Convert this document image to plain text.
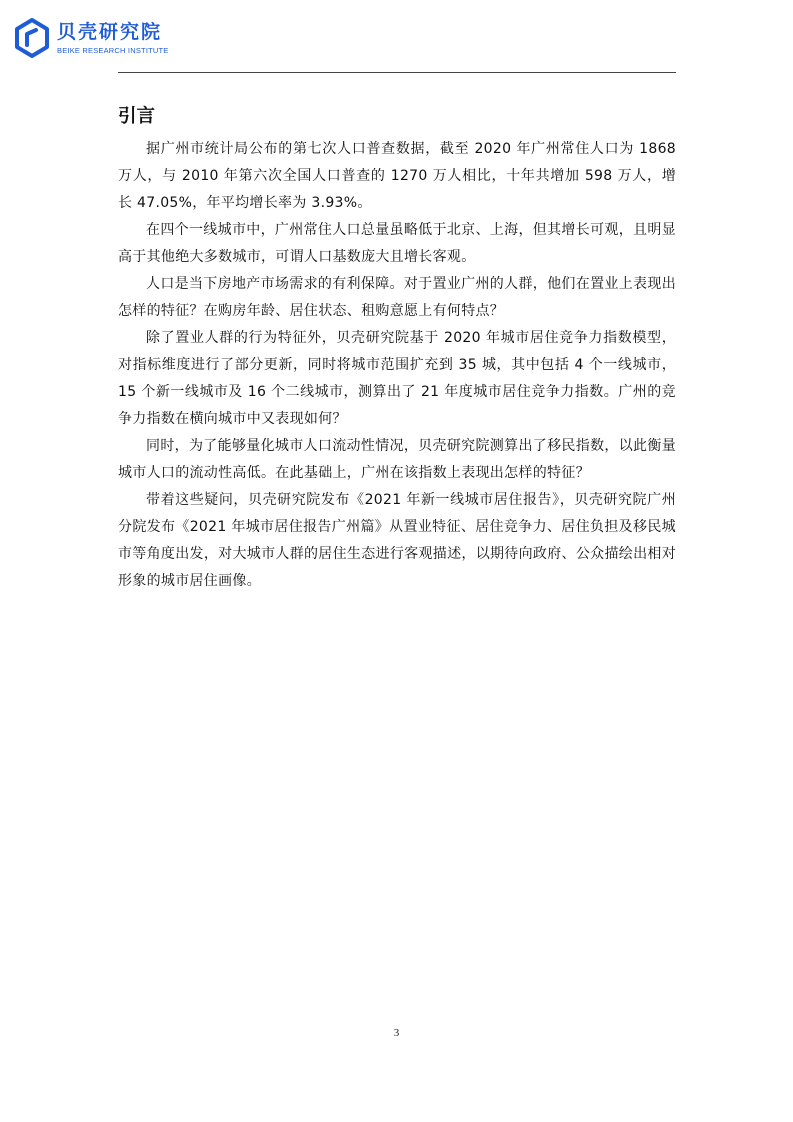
贝壳研究院
BEIKE RESEARCH INSTITUTE
引言

据广州市统计局公布的第七次人口普查数据，截至 2020 年广州常住人口为 1868 万人，与 2010 年第六次全国人口普查的 1270 万人相比，十年共增加 598 万人，增长 47.05%，年平均增长率为 3.93%。

在四个一线城市中，广州常住人口总量虽略低于北京、上海，但其增长可观，且明显高于其他绝大多数城市，可谓人口基数庞大且增长客观。

人口是当下房地产市场需求的有利保障。对于置业广州的人群，他们在置业上表现出怎样的特征？在购房年龄、居住状态、租购意愿上有何特点？

除了置业人群的行为特征外，贝壳研究院基于 2020 年城市居住竞争力指数模型，对指标维度进行了部分更新，同时将城市范围扩充到 35 城，其中包括 4 个一线城市，15 个新一线城市及 16 个二线城市，测算出了 21 年度城市居住竞争力指数。广州的竞争力指数在横向城市中又表现如何？

同时，为了能够量化城市人口流动性情况，贝壳研究院测算出了移民指数，以此衡量城市人口的流动性高低。在此基础上，广州在该指数上表现出怎样的特征？

带着这些疑问，贝壳研究院发布《2021 年新一线城市居住报告》，贝壳研究院广州分院发布《2021 年城市居住报告广州篇》从置业特征、居住竞争力、居住负担及移民城市等角度出发，对大城市人群的居住生态进行客观描述，以期待向政府、公众描绘出相对形象的城市居住画像。

3
